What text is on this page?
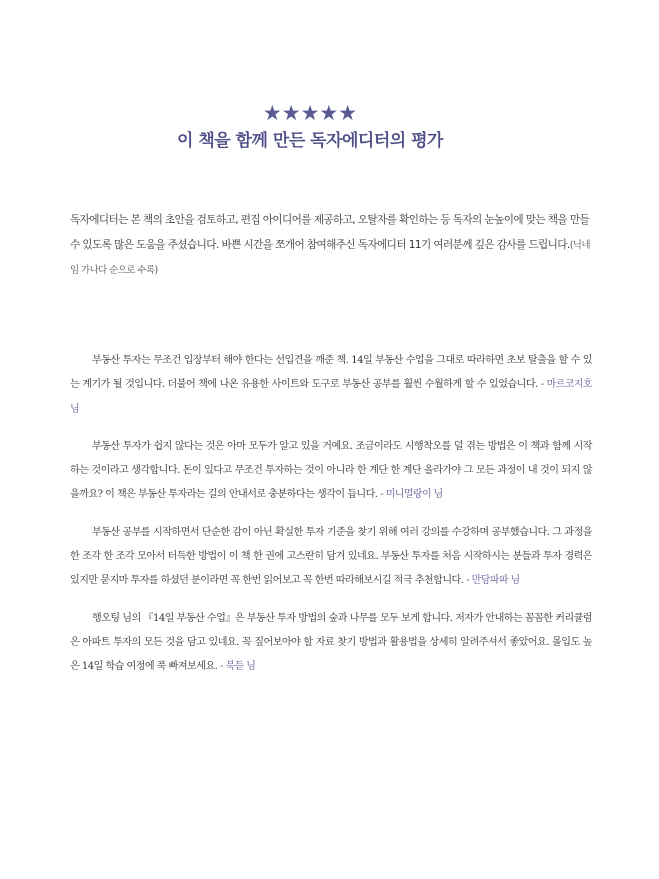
★★★★★
이 책을 함께 만든 독자에디터의 평가
독자에디터는 본 책의 초안을 검토하고, 편집 아이디어를 제공하고, 오탈자를 확인하는 등 독자의 눈높이에 맞는 책을 만들 수 있도록 많은 도움을 주셨습니다. 바쁜 시간을 쪼개어 참여해주신 독자에디터 11기 여러분께 깊은 감사를 드립니다.(닉네임 가나다 순으로 수록)

부동산 투자는 무조건 입장부터 해야 한다는 선입견을 깨준 책. 14일 부동산 수업을 그대로 따라하면 초보 탈출을 할 수 있는 계기가 될 것입니다. 더불어 책에 나온 유용한 사이트와 도구로 부동산 공부를 훨씬 수월하게 할 수 있었습니다. - 마르코지호 님

부동산 투자가 쉽지 않다는 것은 아마 모두가 알고 있을 거예요. 조금이라도 시행착오를 덜 겪는 방법은 이 책과 함께 시작하는 것이라고 생각합니다. 돈이 있다고 무조건 투자하는 것이 아니라 한 계단 한 계단 올라가야 그 모든 과정이 내 것이 되지 않을까요? 이 책은 부동산 투자라는 길의 안내서로 충분하다는 생각이 듭니다. - 미니멀랑이 님

부동산 공부를 시작하면서 단순한 감이 아닌 확실한 투자 기준을 찾기 위해 여러 강의를 수강하며 공부했습니다. 그 과정을 한 조각 한 조각 모아서 터득한 방법이 이 책 한 권에 고스란히 담겨 있네요. 부동산 투자를 처음 시작하시는 분들과 투자 경력은 있지만 묻지마 투자를 하셨던 분이라면 꼭 한번 읽어보고 꼭 한번 따라해보시길 적극 추천합니다. - 만담파파 님

행오팅 님의 『14일 부동산 수업』은 부동산 투자 방법의 숲과 나무를 모두 보게 합니다. 저자가 안내하는 꼼꼼한 커리큘럼은 아파트 투자의 모든 것을 담고 있네요. 꼭 짚어보아야 할 자료 찾기 방법과 활용법을 상세히 알려주셔서 좋았어요. 몰입도 높은 14일 학습 여정에 푹 빠져보세요. - 북듣 님
